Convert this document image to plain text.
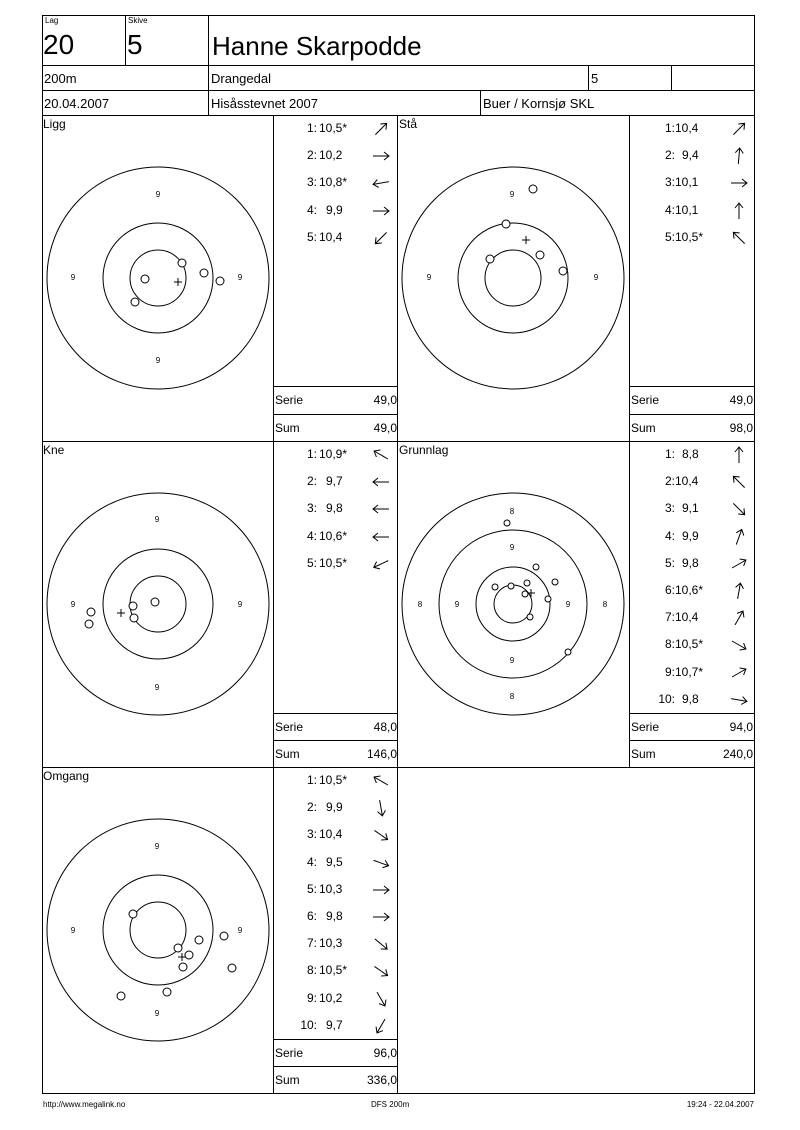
Lag
20
Skive
5	Hanne Skarpodde
200m	Drangedal	5
20.04.2007	Hisåsstevnet 2007	Buer / Kornsjø SKL
Ligg
9
9	9
9
1: 10,5*
2: 10,2
3: 10,8*
4: 9,9
5: 10,4
Serie	49,0
Sum	49,0
Stå
9
9	9
1: 10,4
2: 9,4
3: 10,1
4: 10,1
5: 10,5*
Serie	49,0
Sum	98,0
Kne
9
9	9
9
1: 10,9*
2: 9,7
3: 9,8
4: 10,6*
5: 10,5*
Serie	48,0
Sum	146,0
Grunnlag
8
9
9	9
9
8	8
8
1: 8,8
2: 10,4
3: 9,1
4: 9,9
5: 9,8
6: 10,6*
7: 10,4
8: 10,5*
9: 10,7*
10: 9,8
Serie	94,0
Sum	240,0
Omgang
9
9	9
9
1: 10,5*
2: 9,9
3: 10,4
4: 9,5
5: 10,3
6: 9,8
7: 10,3
8: 10,5*
9: 10,2
10: 9,7
Serie	96,0
Sum	336,0
http://www.megalink.no	DFS 200m	19:24 - 22.04.2007
